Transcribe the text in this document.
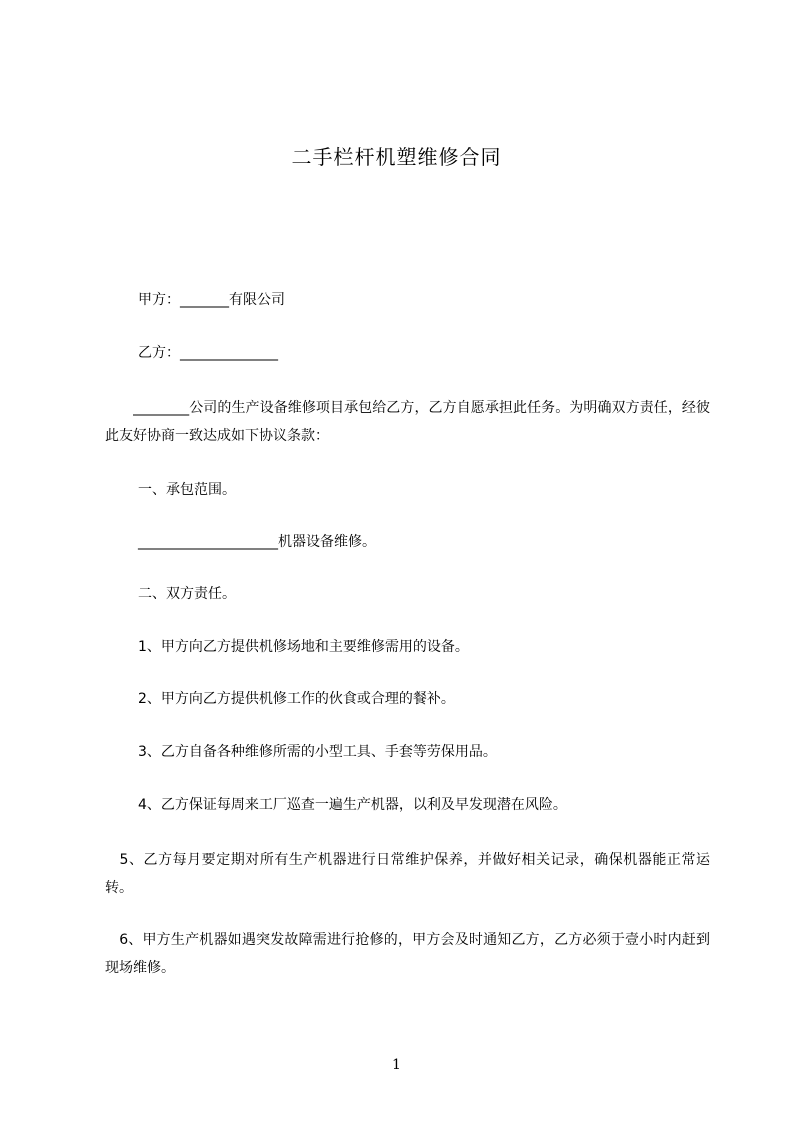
二手栏杆机塑维修合同
甲方：_______有限公司
乙方：______________
　　________公司的生产设备维修项目承包给乙方，乙方自愿承担此任务。为明确双方责任，经彼此友好协商一致达成如下协议条款：
一、承包范围。
____________________机器设备维修。
二、双方责任。
1、甲方向乙方提供机修场地和主要维修需用的设备。
2、甲方向乙方提供机修工作的伙食或合理的餐补。
3、乙方自备各种维修所需的小型工具、手套等劳保用品。
4、乙方保证每周来工厂巡查一遍生产机器，以利及早发现潜在风险。
　5、乙方每月要定期对所有生产机器进行日常维护保养，并做好相关记录，确保机器能正常运转。
　6、甲方生产机器如遇突发故障需进行抢修的，甲方会及时通知乙方，乙方必须于壹小时内赶到现场维修。
1
